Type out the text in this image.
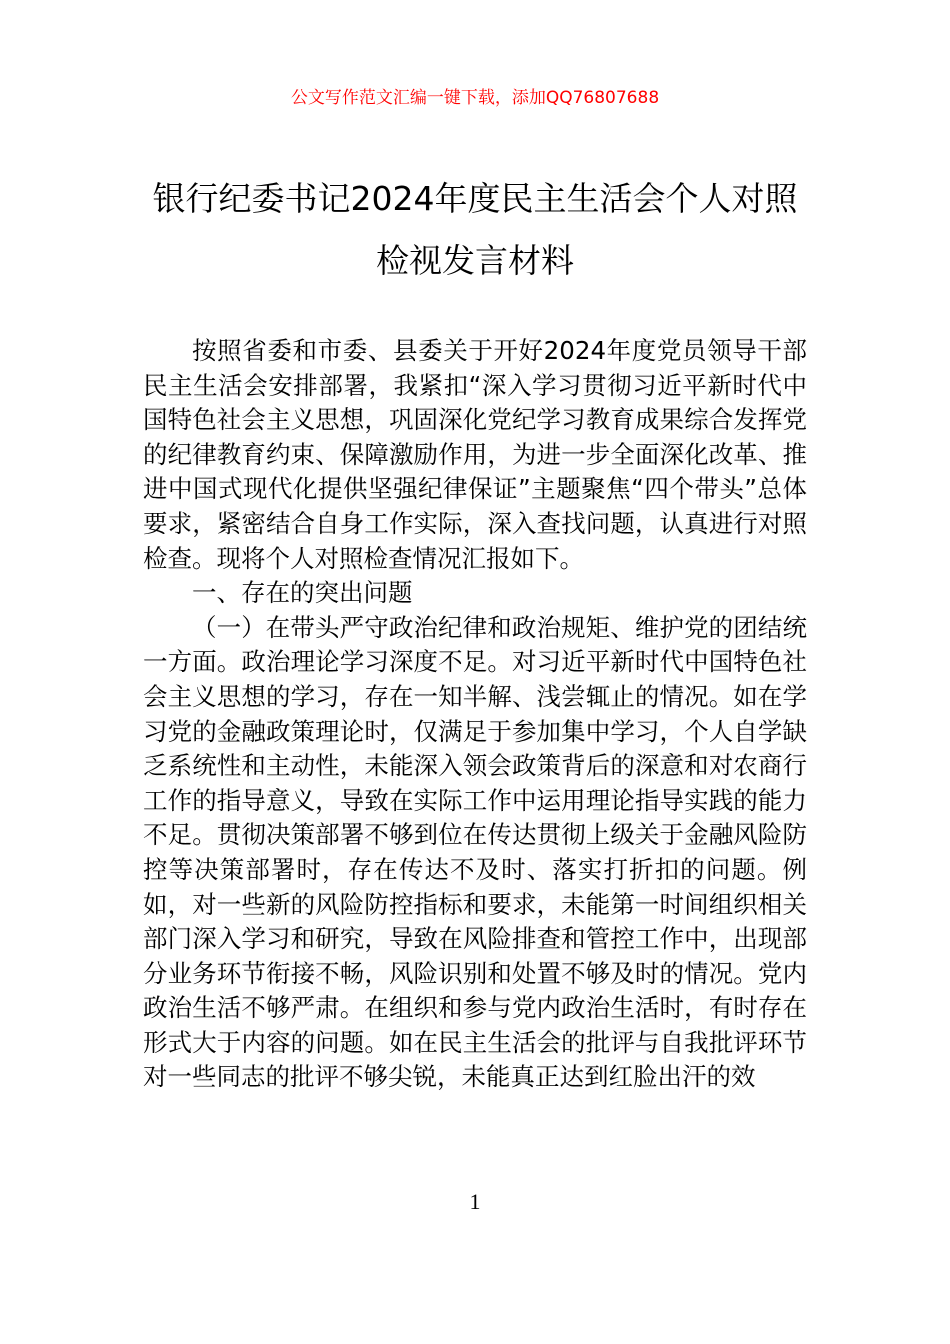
公文写作范文汇编一键下载，添加QQ76807688
银行纪委书记2024年度民主生活会个人对照检视发言材料

按照省委和市委、县委关于开好2024年度党员领导干部民主生活会安排部署，我紧扣“深入学习贯彻习近平新时代中国特色社会主义思想，巩固深化党纪学习教育成果综合发挥党的纪律教育约束、保障激励作用，为进一步全面深化改革、推进中国式现代化提供坚强纪律保证”主题聚焦“四个带头”总体要求，紧密结合自身工作实际，深入查找问题，认真进行对照检查。现将个人对照检查情况汇报如下。

一、存在的突出问题

（一）在带头严守政治纪律和政治规矩、维护党的团结统一方面。政治理论学习深度不足。对习近平新时代中国特色社会主义思想的学习，存在一知半解、浅尝辄止的情况。如在学习党的金融政策理论时，仅满足于参加集中学习，个人自学缺乏系统性和主动性，未能深入领会政策背后的深意和对农商行工作的指导意义，导致在实际工作中运用理论指导实践的能力不足。贯彻决策部署不够到位在传达贯彻上级关于金融风险防控等决策部署时，存在传达不及时、落实打折扣的问题。例如，对一些新的风险防控指标和要求，未能第一时间组织相关部门深入学习和研究，导致在风险排查和管控工作中，出现部分业务环节衔接不畅，风险识别和处置不够及时的情况。党内政治生活不够严肃。在组织和参与党内政治生活时，有时存在形式大于内容的问题。如在民主生活会的批评与自我批评环节对一些同志的批评不够尖锐，未能真正达到红脸出汗的效

1
